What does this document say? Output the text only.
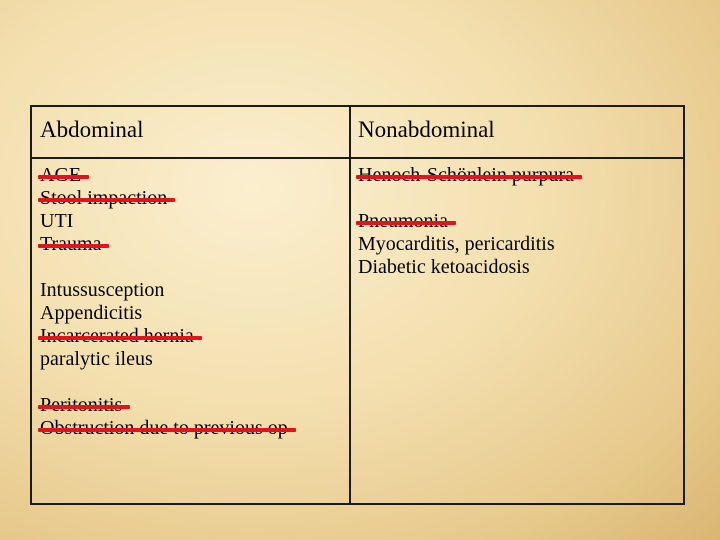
Abdominal	Nonabdominal
UTI
Intussusception
Appendicitis
paralytic ileus
Myocarditis, pericarditis
Diabetic ketoacidosis
